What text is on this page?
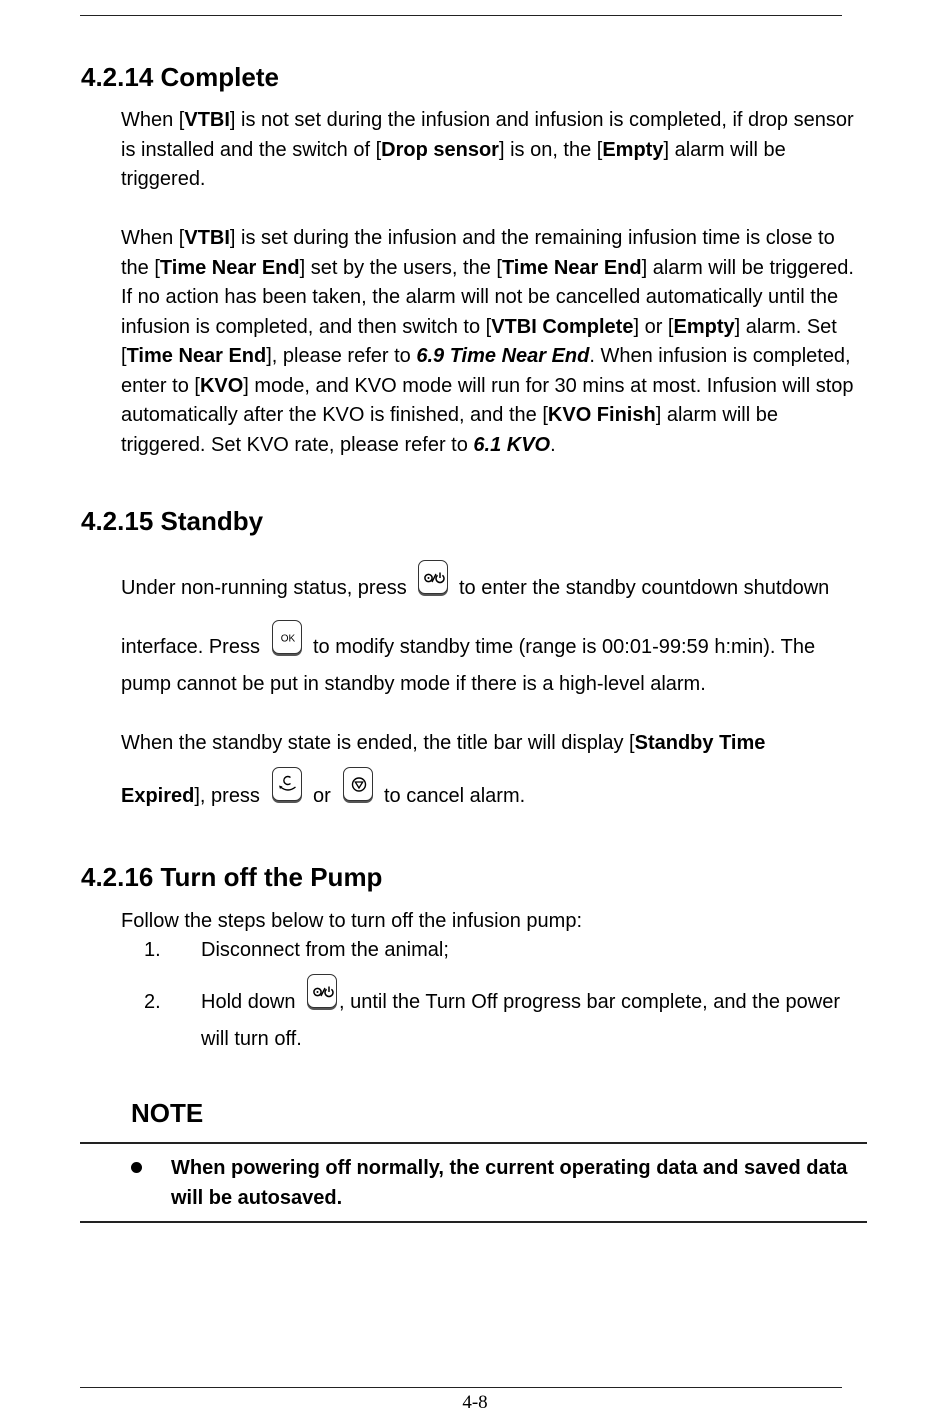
4.2.14 Complete

When [VTBI] is not set during the infusion and infusion is completed, if drop sensor is installed and the switch of [Drop sensor] is on, the [Empty] alarm will be triggered.

When [VTBI] is set during the infusion and the remaining infusion time is close to the [Time Near End] set by the users, the [Time Near End] alarm will be triggered. If no action has been taken, the alarm will not be cancelled automatically until the infusion is completed, and then switch to [VTBI Complete] or [Empty] alarm. Set [Time Near End], please refer to 6.9 Time Near End. When infusion is completed, enter to [KVO] mode, and KVO mode will run for 30 mins at most. Infusion will stop automatically after the KVO is finished, and the [KVO Finish] alarm will be triggered. Set KVO rate, please refer to 6.1 KVO.

4.2.15 Standby
Under non-running status, press	to enter the standby countdown shutdown
interface. Press OK to modify standby time (range is 00:01-99:59 h:min). The
pump cannot be put in standby mode if there is a high-level alarm.
When the standby state is ended, the title bar will display [Standby Time
Expired], press	or	to cancel alarm.
4.2.16 Turn off the Pump
Follow the steps below to turn off the infusion pump:
1. Disconnect from the animal;
2. Hold down , until the Turn Off progress bar complete, and the power
will turn off.
NOTE

When powering off normally, the current operating data and saved data will be autosaved.

4-8
